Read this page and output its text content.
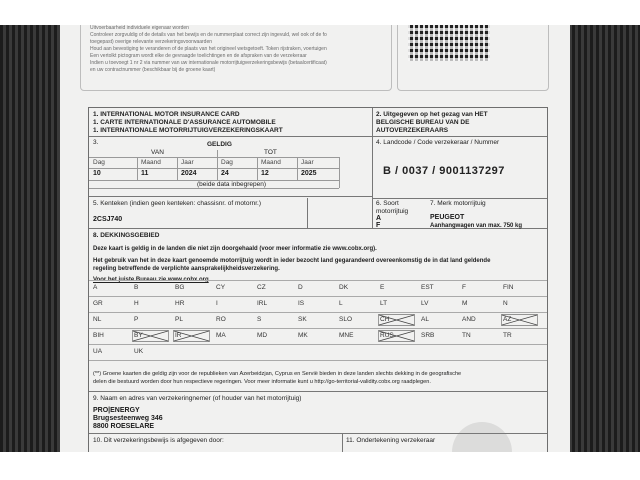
Uitvoerbaarheid individuele eigenaar worden
Controleer zorgvuldig of de details van het bewijs en de nummerplaat correct zijn ingevuld, wel ook of de fo
toegepast) overige relevante verzekeringsvoorwaarden
Houd aan bevestiging te veranderen of de plaats van het origineel wetsgetoeft. Token rijstraken, voertuigen
Een vertolkt pictogram wordt elke de gevraagde toelichtingen en de afspraken van de verzekeraar
Indien u toevoegt 1 nr 2 via nummer van uw internationale motorrijtuigverzekeringsbewijs (betaalcertificaat)
en uw contractnummer (beschikbaar bij de groene kaart)
1. INTERNATIONAL MOTOR INSURANCE CARD
1. CARTE INTERNATIONALE D'ASSURANCE AUTOMOBILE
1. INTERNATIONALE MOTORRIJTUIGVERZEKERINGSKAART
2. Uitgegeven op het gezag van HET
BELGISCHE BUREAU VAN DE
AUTOVERZEKERAARS
3.	GELDIG
VAN	TOT
Dag	Maand	Jaar	Dag	Maand	Jaar
10	11	2024	24	12	2025
(beide data inbegrepen)
4. Landcode / Code verzekeraar / Nummer
B / 0037 / 9001137297
5. Kenteken (indien geen kenteken: chassisnr. of motornr.)
2CSJ740
6. Soort motorrijtuig
A
F
7. Merk motorrijtuig
PEUGEOT
Aanhangwagen van max. 750 kg
8. DEKKINGSGEBIED
Deze kaart is geldig in de landen die niet zijn doorgehaald (voor meer informatie zie www.cobx.org).
Het gebruik van het in deze kaart genoemde motorrijtuig wordt in ieder bezocht land gegarandeerd overeenkomstig de in dat land geldende
regeling betreffende de verplichte aansprakelijkheidsverzekering.
A	B	BG	CY	CZ	D	DK	E	EST	F	FIN
GR	H	HR	I	IRL	IS	L	LT	LV	M	N
NL	P	PL	RO	S	SK	SLO	CH	AL	AND	AZ
BIH	BY	IR	MA	MD	MK	MNE	RUS	SRB	TN	TR
UA	UK
(**) Groene kaarten die geldig zijn voor de republieken van Azerbeidzjan, Cyprus en Servië bieden in deze landen slechts dekking in de geografische
delen die bestuurd worden door hun respectieve regeringen. Voor meer informatie kunt u http://go-territorial-validity.cobx.org raadplegen.
9. Naam en adres van verzekeringnemer (of houder van het motorrijtuig)
PRO|ENERGY
Brugsesteenweg 346
8800 ROESELARE
10. Dit verzekeringsbewijs is afgegeven door:	11. Ondertekening verzekeraar
